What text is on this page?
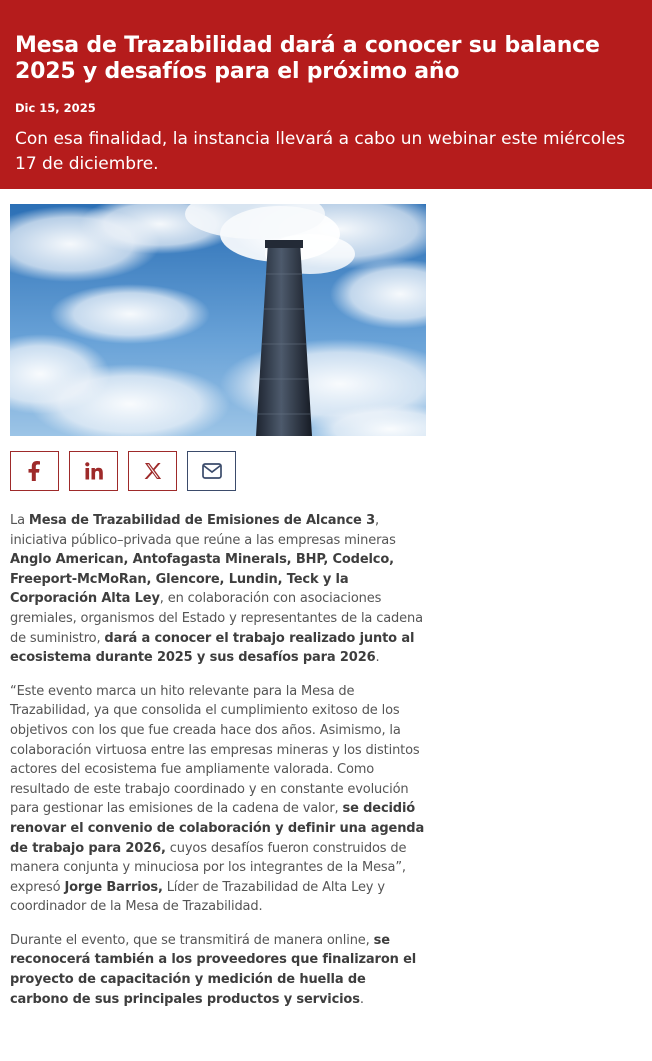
Mesa de Trazabilidad dará a conocer su balance 2025 y desafíos para el próximo año
Dic 15, 2025
Con esa finalidad, la instancia llevará a cabo un webinar este miércoles 17 de diciembre.

La Mesa de Trazabilidad de Emisiones de Alcance 3, iniciativa público–privada que reúne a las empresas mineras Anglo American, Antofagasta Minerals, BHP, Codelco, Freeport-McMoRan, Glencore, Lundin, Teck y la Corporación Alta Ley, en colaboración con asociaciones gremiales, organismos del Estado y representantes de la cadena de suministro, dará a conocer el trabajo realizado junto al ecosistema durante 2025 y sus desafíos para 2026.

“Este evento marca un hito relevante para la Mesa de Trazabilidad, ya que consolida el cumplimiento exitoso de los objetivos con los que fue creada hace dos años. Asimismo, la colaboración virtuosa entre las empresas mineras y los distintos actores del ecosistema fue ampliamente valorada. Como resultado de este trabajo coordinado y en constante evolución para gestionar las emisiones de la cadena de valor, se decidió renovar el convenio de colaboración y definir una agenda de trabajo para 2026, cuyos desafíos fueron construidos de manera conjunta y minuciosa por los integrantes de la Mesa”, expresó Jorge Barrios, Líder de Trazabilidad de Alta Ley y coordinador de la Mesa de Trazabilidad.

Durante el evento, que se transmitirá de manera online, se reconocerá también a los proveedores que finalizaron el proyecto de capacitación y medición de huella de carbono de sus principales productos y servicios.
